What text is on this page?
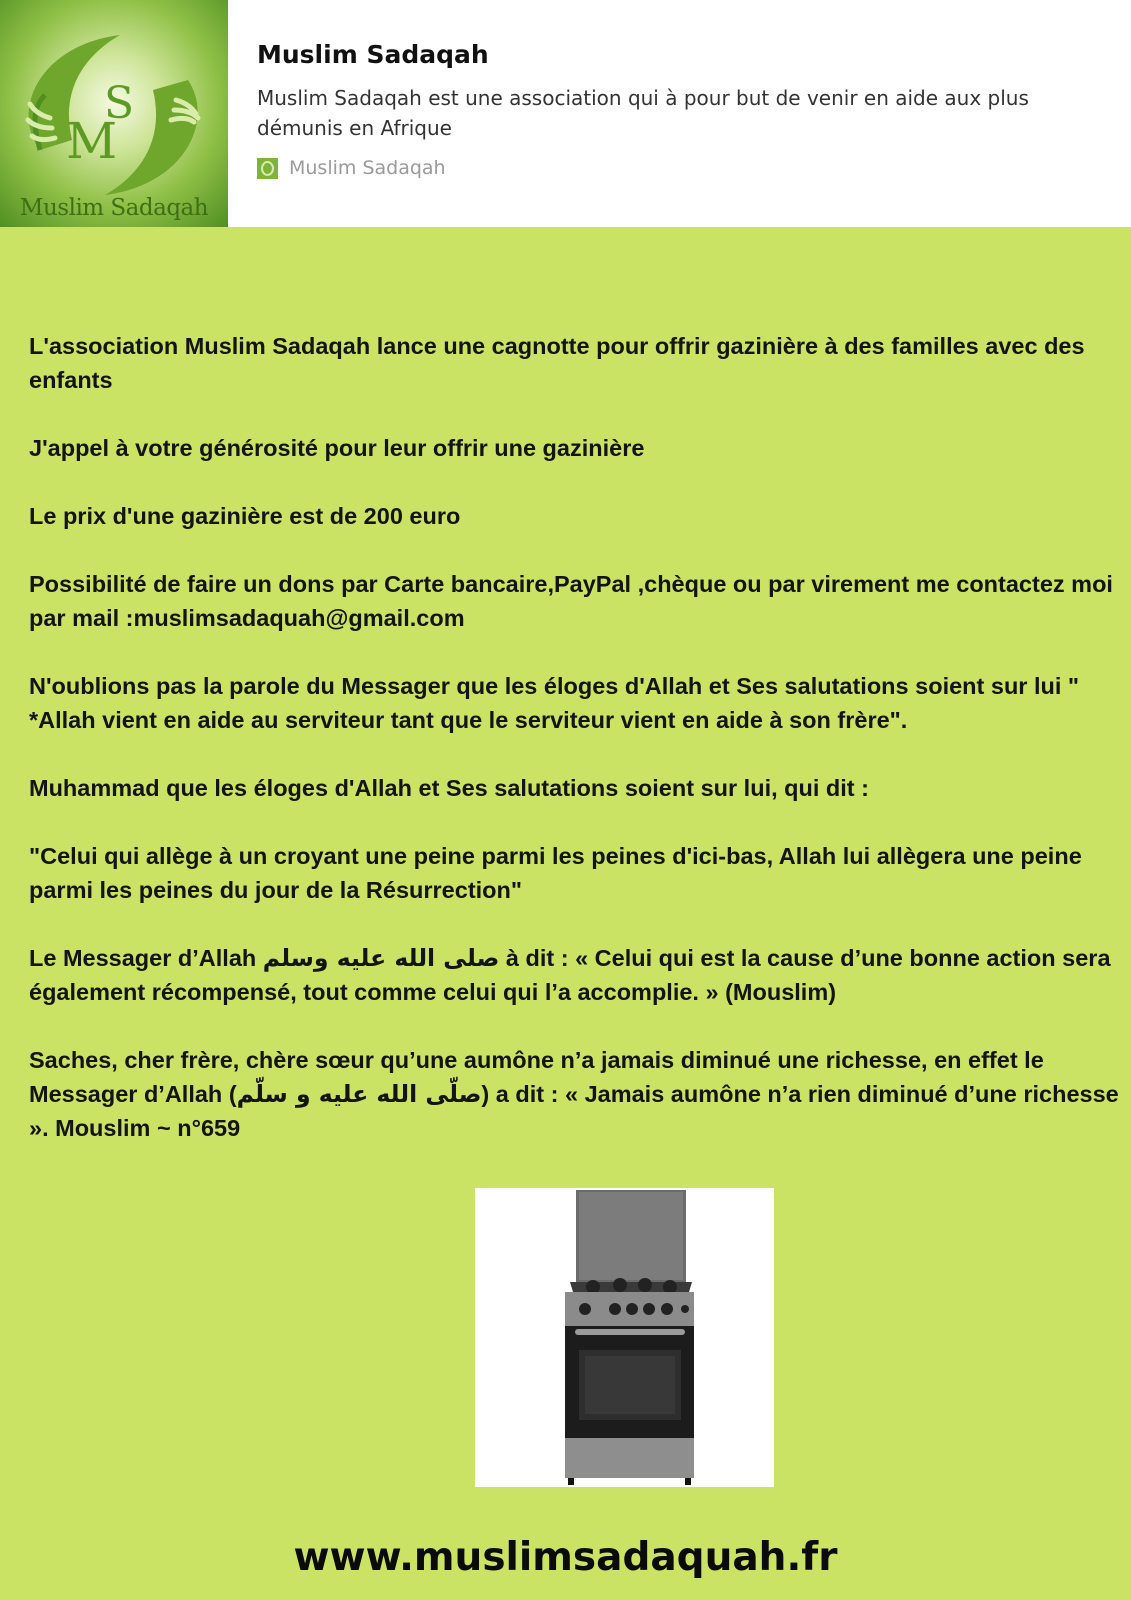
M
S
Muslim Sadaqah
Muslim Sadaqah
Muslim Sadaqah est une association qui à pour but de venir en aide aux plus démunis en Afrique
Muslim Sadaqah

L'association Muslim Sadaqah lance une cagnotte pour offrir gazinière à des familles avec des enfants

J'appel à votre générosité pour leur offrir une gazinière

Le prix d'une gazinière est de 200 euro

Possibilité de faire un dons par Carte bancaire,PayPal ,chèque ou par virement me contactez moi par mail :muslimsadaquah@gmail.com

N'oublions pas la parole du Messager que les éloges d'Allah et Ses salutations soient sur lui " *Allah vient en aide au serviteur tant que le serviteur vient en aide à son frère".

Muhammad que les éloges d'Allah et Ses salutations soient sur lui, qui dit :

"Celui qui allège à un croyant une peine parmi les peines d'ici-bas, Allah lui allègera une peine parmi les peines du jour de la Résurrection"

Le Messager d’Allah صلى الله عليه وسلم à dit : « Celui qui est la cause d’une bonne action sera également récompensé, tout comme celui qui l’a accomplie. » (Mouslim)

Saches, cher frère, chère sœur qu’une aumône n’a jamais diminué une richesse, en effet le Messager d’Allah (صلّى الله عليه و سلّم) a dit : « Jamais aumône n’a rien diminué d’une richesse ». Mouslim ~ n°659

www.muslimsadaquah.fr
